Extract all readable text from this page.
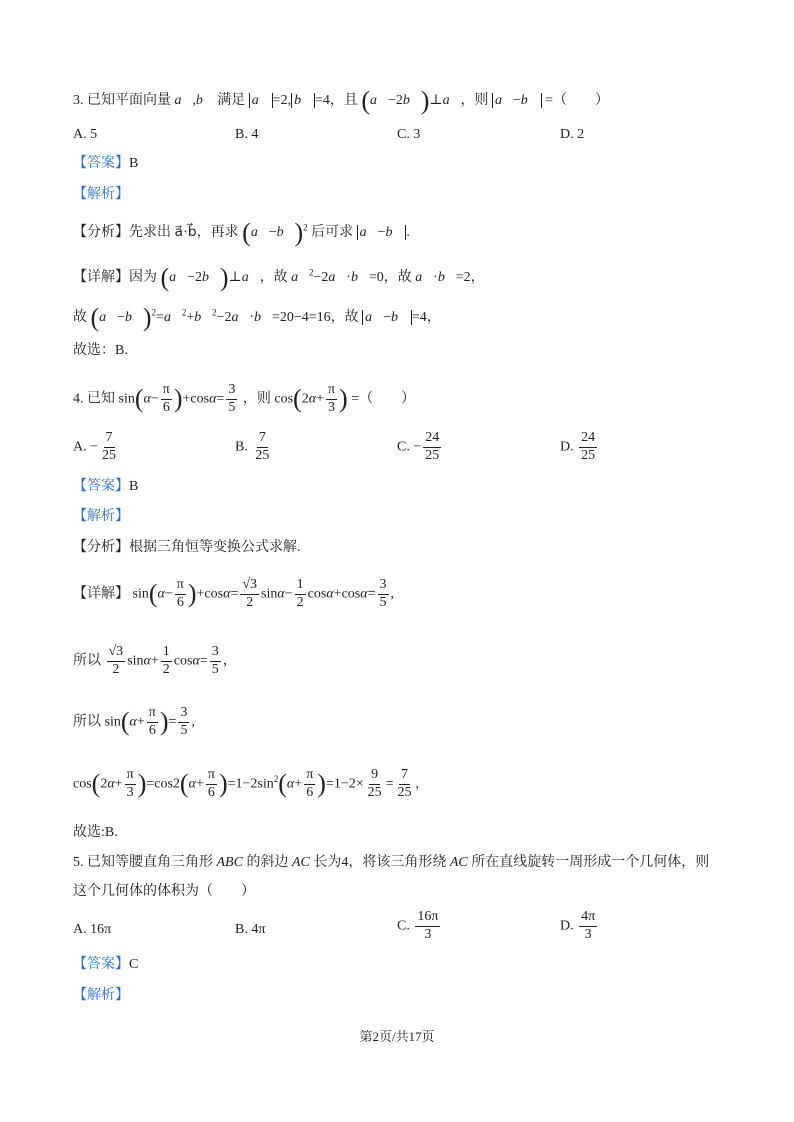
3. 已知平面向量 a⃗,b⃗ 满足 a⃗ =2, b⃗ =4，且 (a⃗−2b⃗)⊥a⃗，则 a⃗−b⃗ =（　　）
A. 5	B. 4	C. 3	D. 2
【答案】B
【解析】
【分析】先求出 a⃗·b⃗，再求 (a⃗−b⃗)$^2$ 后可求 a⃗−b⃗ .
【详解】因为 (a⃗−2b⃗)⊥a⃗，故 a⃗$^2$−2a⃗·b⃗=0，故 a⃗·b⃗=2，
故 (a⃗−b⃗)$^2$=a⃗$^2$+b⃗$^2$−2a⃗·b⃗=20−4=16，故 a⃗−b⃗ =4，
故选：B.
4. 已知 $\sin(\alpha- \frac{\pi}{6} )+\cos\alpha= \frac{3}{5}$ ，则 $\cos(2\alpha+ \frac{\pi}{3}$ ) =（　　）
A. − $\frac{7}{25}$	B. $\frac{7}{25}$	C. − $\frac{24}{25}$	D. $\frac{24}{25}$
【答案】B
【解析】
【分析】根据三角恒等变换公式求解.
【详解】 $\sin(\alpha- \frac{\pi}{6} )+\cos\alpha= \frac{√3}{2} \sin\alpha- \frac{1}{2} \cos\alpha+\cos\alpha= \frac{3}{5}$ ,
所以 $\frac{√3}{2} \sin\alpha+ \frac{1}{2} \cos\alpha= \frac{3}{5}$ ，
所以 $\sin(\alpha+ \frac{\pi}{6}$ )= $\frac{3}{5}$ ,
$\cos(2\alpha+ \frac{\pi}{3} )=\cos 2(\alpha+ \frac{\pi}{6} )=1-2\sin^2(\alpha+ \frac{\pi}{6} )=1-2\times \frac{9}{25} = \frac{7}{25}$ ,
故选:B.
5. 已知等腰直角三角形 ABC 的斜边 AC 长为4，将该三角形绕 AC 所在直线旋转一周形成一个几何体，则
这个几何体的体积为（　　）
A. 16π	B. 4π	C. $\frac{16\pi}{3}$	D. $\frac{4\pi}{3}$
【答案】C
【解析】
第2页/共17页
